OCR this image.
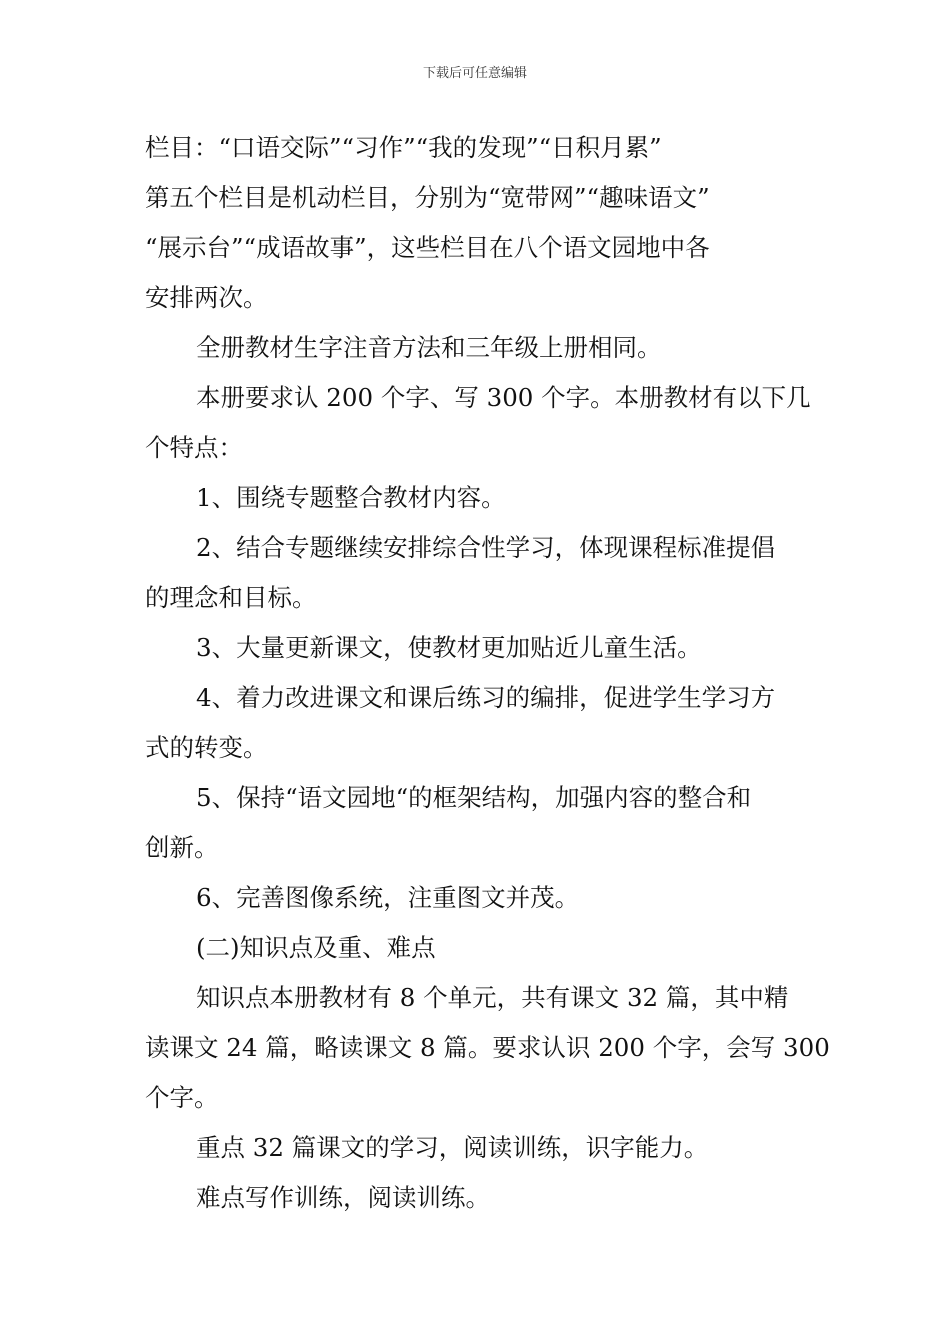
下载后可任意编辑

栏目：“口语交际”“习作”“我的发现”“日积月累”

第五个栏目是机动栏目，分别为“宽带网”“趣味语文”

“展示台”“成语故事”，这些栏目在八个语文园地中各

安排两次。

全册教材生字注音方法和三年级上册相同。

本册要求认 200 个字、写 300 个字。本册教材有以下几

个特点：

1、围绕专题整合教材内容。

2、结合专题继续安排综合性学习，体现课程标准提倡

的理念和目标。

3、大量更新课文，使教材更加贴近儿童生活。

4、着力改进课文和课后练习的编排，促进学生学习方

式的转变。

5、保持“语文园地“的框架结构，加强内容的整合和

创新。

6、完善图像系统，注重图文并茂。

(二)知识点及重、难点

知识点本册教材有 8 个单元，共有课文 32 篇，其中精

读课文 24 篇，略读课文 8 篇。要求认识 200 个字，会写 300

个字。

重点 32 篇课文的学习，阅读训练，识字能力。

难点写作训练，阅读训练。
